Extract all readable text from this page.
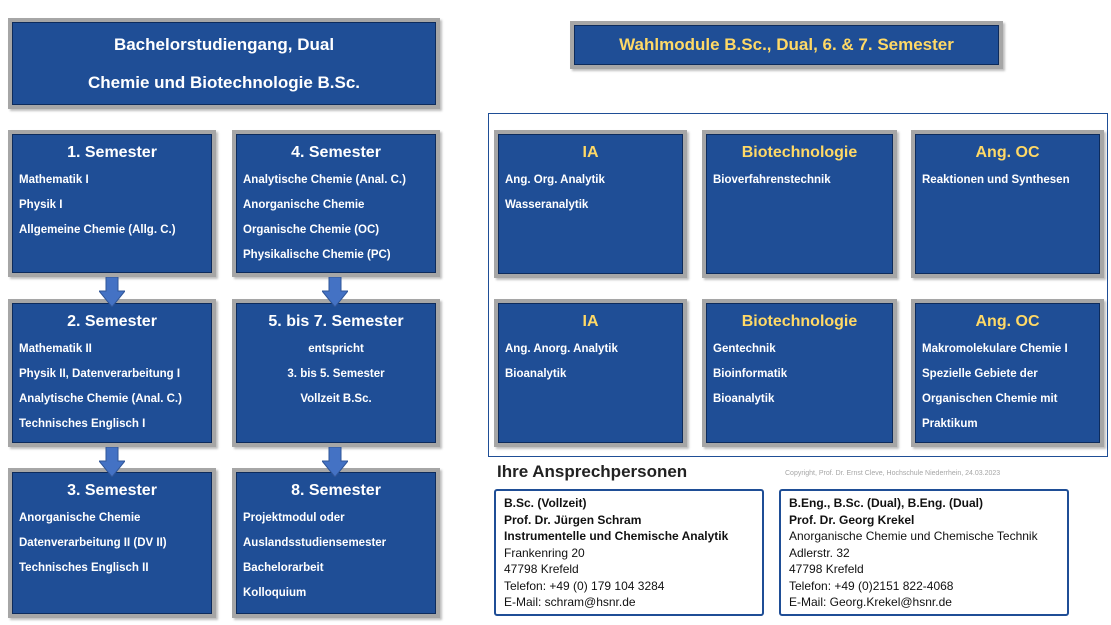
Bachelorstudiengang, Dual
Chemie und Biotechnologie B.Sc.
Wahlmodule B.Sc., Dual, 6. & 7. Semester
1. Semester
Mathematik I
Physik I
Allgemeine Chemie (Allg. C.)
2. Semester
Mathematik II
Physik II, Datenverarbeitung I
Analytische Chemie (Anal. C.)
Technisches Englisch I
3. Semester
Anorganische Chemie
Datenverarbeitung II (DV II)
Technisches Englisch II
4. Semester
Analytische Chemie (Anal. C.)
Anorganische Chemie
Organische Chemie (OC)
Physikalische Chemie (PC)
5. bis 7. Semester
entspricht
3. bis 5. Semester
Vollzeit B.Sc.
8. Semester
Projektmodul oder
Auslandsstudiensemester
Bachelorarbeit
Kolloquium
IA
Ang. Org. Analytik
Wasseranalytik
Biotechnologie
Bioverfahrenstechnik
Ang. OC
Reaktionen und Synthesen
IA
Ang. Anorg. Analytik
Bioanalytik
Biotechnologie
Gentechnik
Bioinformatik
Bioanalytik
Ang. OC
Makromolekulare Chemie I
Spezielle Gebiete der
Organischen Chemie mit
Praktikum
Ihre Ansprechpersonen	Copyright, Prof. Dr. Ernst Cleve, Hochschule Niederrhein, 24.03.2023
B.Sc. (Vollzeit)
Prof. Dr. Jürgen Schram
Instrumentelle und Chemische Analytik
Frankenring 20
47798 Krefeld
Telefon: +49 (0) 179 104 3284
E-Mail: schram@hsnr.de
B.Eng., B.Sc. (Dual), B.Eng. (Dual)
Prof. Dr. Georg Krekel
Anorganische Chemie und Chemische Technik
Adlerstr. 32
47798 Krefeld
Telefon: +49 (0)2151 822-4068
E-Mail: Georg.Krekel@hsnr.de
